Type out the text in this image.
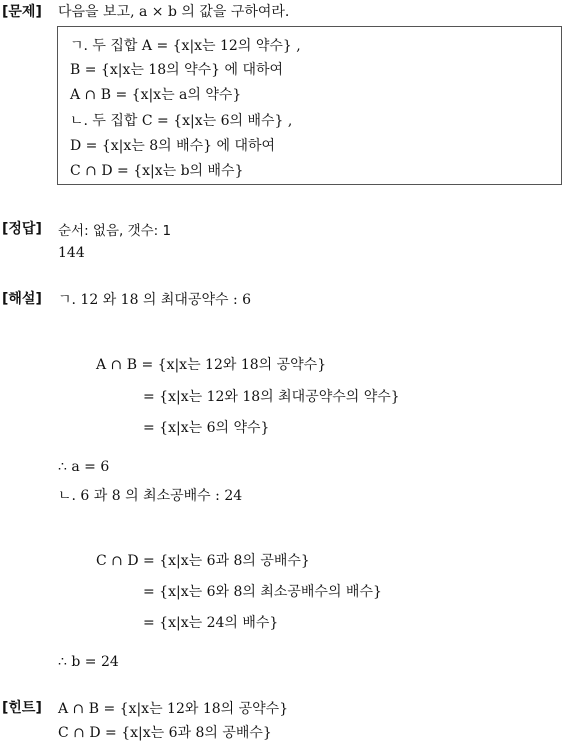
[문제] 다음을 보고, a × b 의 값을 구하여라.
ㄱ. 두 집합 A = {x|x는 12의 약수} ,
B = {x|x는 18의 약수} 에 대하여
A ∩ B = {x|x는 a의 약수}
ㄴ. 두 집합 C = {x|x는 6의 배수} ,
D = {x|x는 8의 배수} 에 대하여
C ∩ D = {x|x는 b의 배수}
[정답] 순서: 없음, 갯수: 1
144
[해설] ㄱ. 12 와 18 의 최대공약수 : 6
A ∩ B = {x|x는 12와 18의 공약수}
= {x|x는 12와 18의 최대공약수의 약수}
= {x|x는 6의 약수}
∴ a = 6
ㄴ. 6 과 8 의 최소공배수 : 24
C ∩ D = {x|x는 6과 8의 공배수}
= {x|x는 6와 8의 최소공배수의 배수}
= {x|x는 24의 배수}
∴ b = 24
[힌트] A ∩ B = {x|x는 12와 18의 공약수}
C ∩ D = {x|x는 6과 8의 공배수}
